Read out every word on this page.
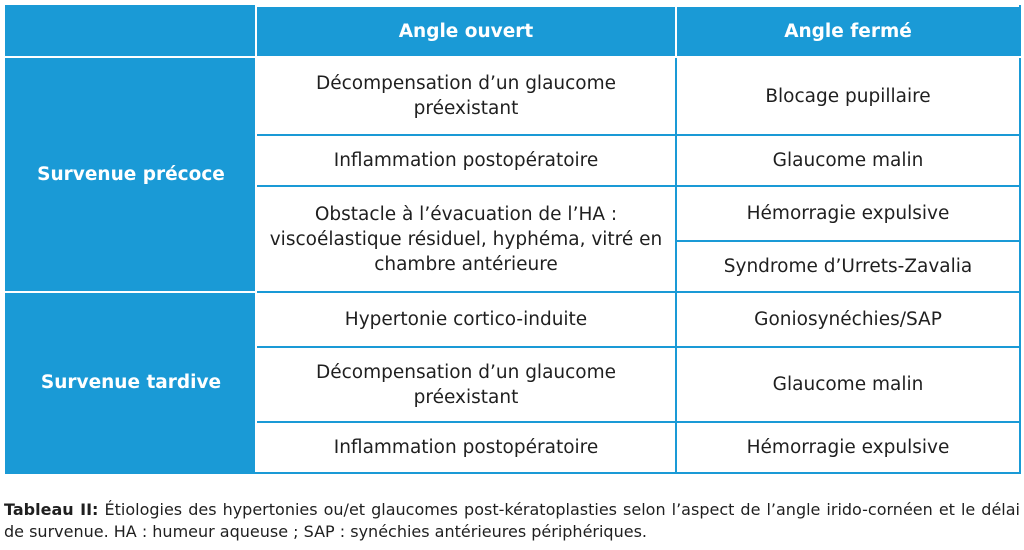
	Angle ouvert	Angle fermé
Survenue précoce	Décompensation d’un glaucome préexistant	Blocage pupillaire
	Inflammation postopératoire	Glaucome malin
	Obstacle à l’évacuation de l’HA : viscoélastique résiduel, hyphéma, vitré en chambre antérieure	Hémorragie expulsive
		Syndrome d’Urrets-Zavalia
Survenue tardive	Hypertonie cortico-induite	Goniosynéchies/SAP
	Décompensation d’un glaucome préexistant	Glaucome malin
	Inflammation postopératoire	Hémorragie expulsive
Tableau II: Étiologies des hypertonies ou/et glaucomes post-kératoplasties selon l’aspect de l’angle irido-cornéen et le délai de survenue. HA : humeur aqueuse ; SAP : synéchies antérieures périphériques.
